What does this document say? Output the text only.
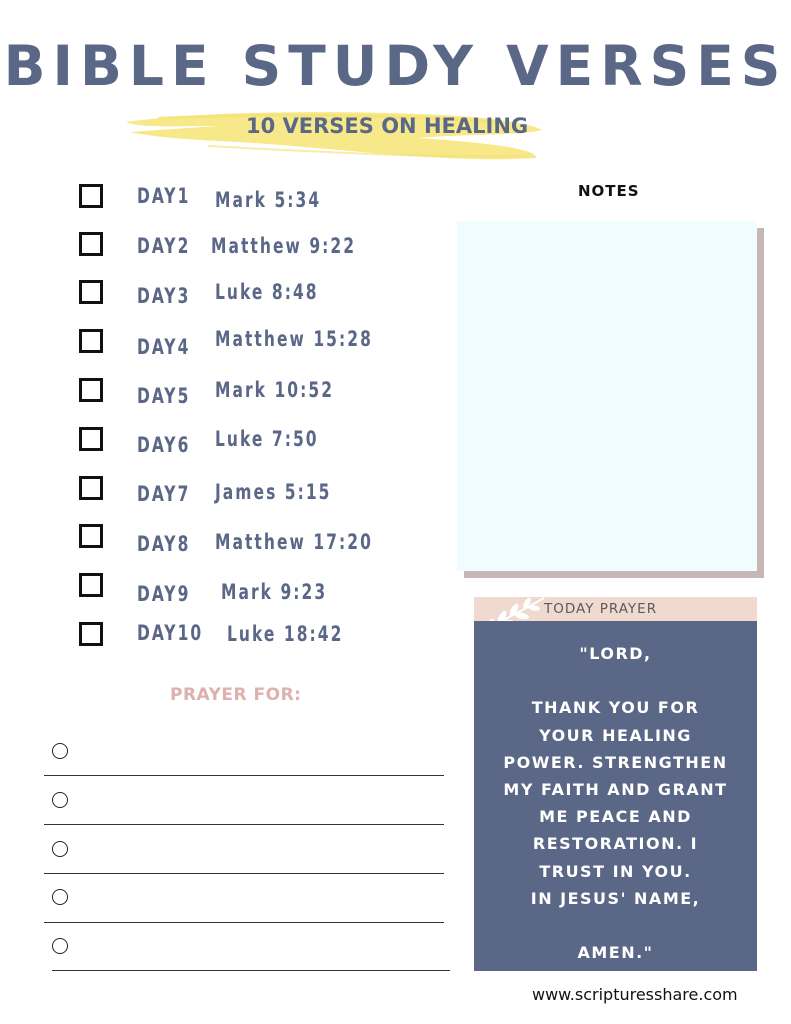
BIBLE STUDY VERSES
10 VERSES ON HEALING
DAY1 Mark 5:34
DAY2 Matthew 9:22
DAY3 Luke 8:48
DAY4 Matthew 15:28
DAY5 Mark 10:52
DAY6 Luke 7:50
DAY7 James 5:15
DAY8 Matthew 17:20
DAY9 Mark 9:23
DAY10 Luke 18:42
NOTES
TODAY PRAYER
"LORD,

THANK YOU FOR
YOUR HEALING
POWER. STRENGTHEN
MY FAITH AND GRANT
ME PEACE AND
RESTORATION. I
TRUST IN YOU.
IN JESUS' NAME,

AMEN."
PRAYER FOR:
www.scripturesshare.com
